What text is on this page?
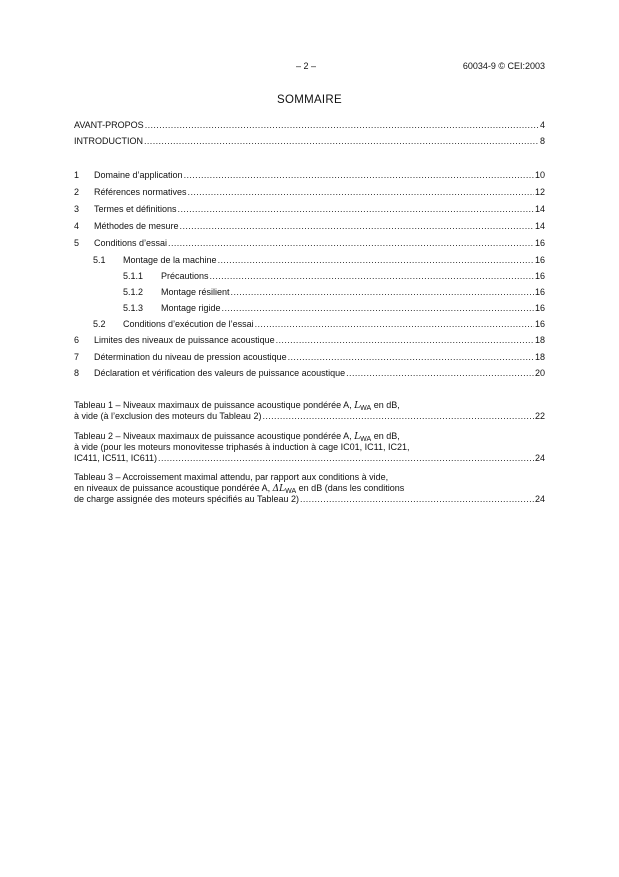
– 2 –	60034-9 © CEI:2003
SOMMAIRE
AVANT-PROPOS .....	4
INTRODUCTION .....	8
1	Domaine d’application .....	10
2	Références normatives .....	12
3	Termes et définitions .....	14
4	Méthodes de mesure .....	14
5	Conditions d’essai .....	16
5.1	Montage de la machine .....	16
5.1.1	Précautions .....	16
5.1.2	Montage résilient .....	16
5.1.3	Montage rigide .....	16
5.2	Conditions d’exécution de l’essai .....	16
6	Limites des niveaux de puissance acoustique .....	18
7	Détermination du niveau de pression acoustique .....	18
8	Déclaration et vérification des valeurs de puissance acoustique .....	20
Tableau 1 – Niveaux maximaux de puissance acoustique pondérée A, $L_{WA}$ en dB,
à vide (à l’exclusion des moteurs du Tableau 2) .....	22
Tableau 2 – Niveaux maximaux de puissance acoustique pondérée A, $L_{WA}$ en dB,
à vide (pour les moteurs monovitesse triphasés à induction à cage IC01, IC11, IC21,
IC411, IC511, IC611) .....	24
Tableau 3 – Accroissement maximal attendu, par rapport aux conditions à vide,
en niveaux de puissance acoustique pondérée A, $\Delta L_{WA}$ en dB (dans les conditions
de charge assignée des moteurs spécifiés au Tableau 2) .....	24
